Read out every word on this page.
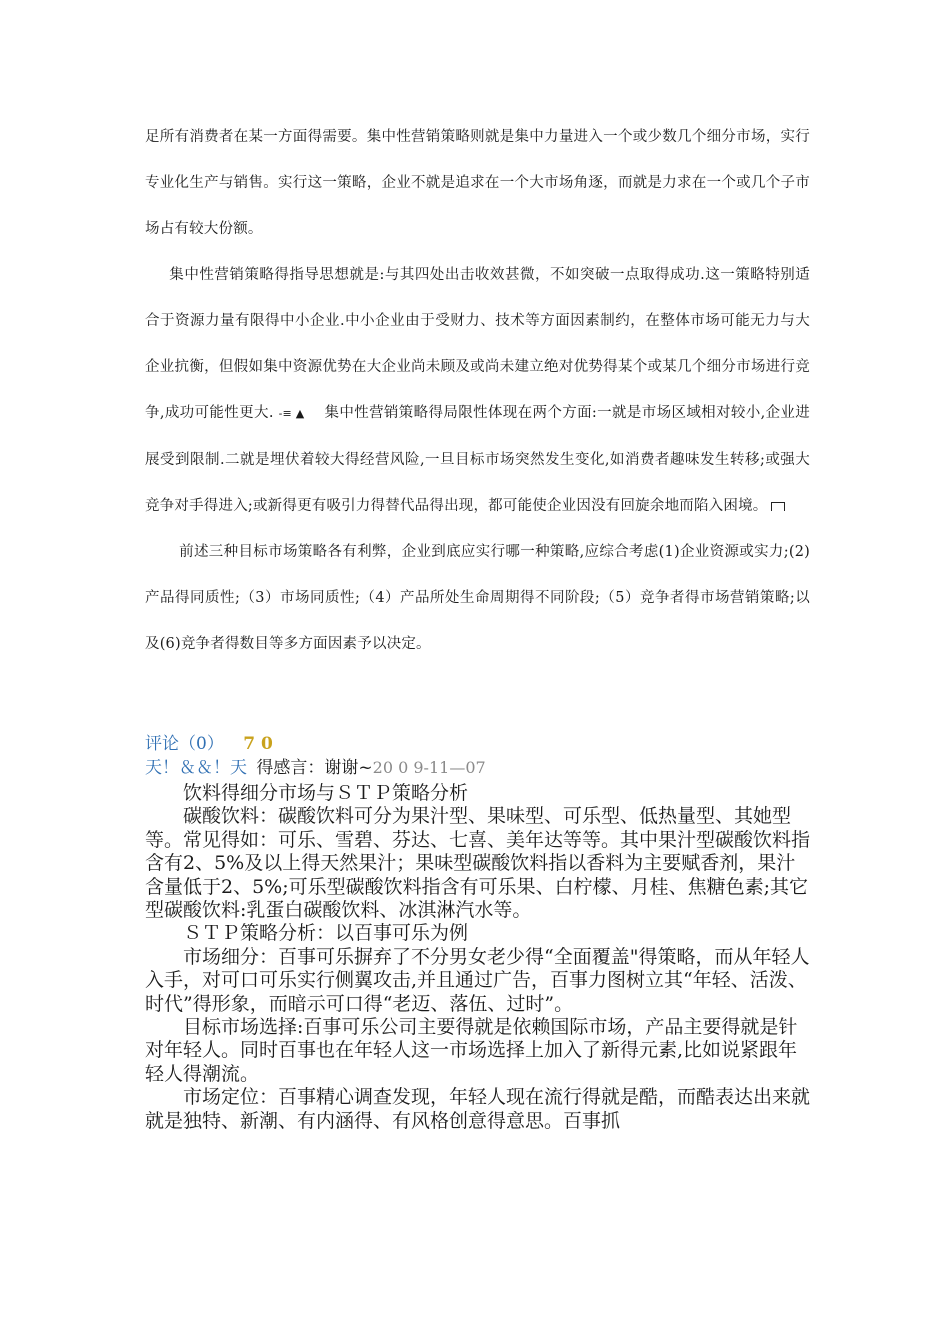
足所有消费者在某一方面得需要。集中性营销策略则就是集中力量进入一个或少数几个细分市场，实行专业化生产与销售。实行这一策略，企业不就是追求在一个大市场角逐，而就是力求在一个或几个子市场占有较大份额。

集中性营销策略得指导思想就是:与其四处出击收效甚微，不如突破一点取得成功.这一策略特别适合于资源力量有限得中小企业.中小企业由于受财力、技术等方面因素制约，在整体市场可能无力与大企业抗衡，但假如集中资源优势在大企业尚未顾及或尚未建立绝对优势得某个或某几个细分市场进行竞争,成功可能性更大. -≡ ▲ 集中性营销策略得局限性体现在两个方面:一就是市场区域相对较小,企业进展受到限制.二就是埋伏着较大得经营风险,一旦目标市场突然发生变化,如消费者趣味发生转移;或强大竞争对手得进入;或新得更有吸引力得替代品得出现，都可能使企业因没有回旋余地而陷入困境。

前述三种目标市场策略各有利弊，企业到底应实行哪一种策略,应综合考虑(1)企业资源或实力;(2)产品得同质性;（3）市场同质性;（4）产品所处生命周期得不同阶段;（5）竞争者得市场营销策略;以及(6)竞争者得数目等多方面因素予以决定。

评论（0） 7 0
天！＆＆！天 得感言：谢谢~20 0 9-11—07

饮料得细分市场与ＳＴＰ策略分析

碳酸饮料：碳酸饮料可分为果汁型、果味型、可乐型、低热量型、其她型等。常见得如：可乐、雪碧、芬达、七喜、美年达等等。其中果汁型碳酸饮料指含有2、5%及以上得天然果汁；果味型碳酸饮料指以香料为主要赋香剂，果汁含量低于2、5%;可乐型碳酸饮料指含有可乐果、白柠檬、月桂、焦糖色素;其它型碳酸饮料:乳蛋白碳酸饮料、冰淇淋汽水等。

ＳＴＰ策略分析：以百事可乐为例

市场细分：百事可乐摒弃了不分男女老少得“全面覆盖"得策略，而从年轻人入手，对可口可乐实行侧翼攻击,并且通过广告，百事力图树立其“年轻、活泼、时代”得形象，而暗示可口得“老迈、落伍、过时”。

目标市场选择:百事可乐公司主要得就是依赖国际市场，产品主要得就是针对年轻人。同时百事也在年轻人这一市场选择上加入了新得元素,比如说紧跟年轻人得潮流。

市场定位：百事精心调查发现，年轻人现在流行得就是酷，而酷表达出来就就是独特、新潮、有内涵得、有风格创意得意思。百事抓
